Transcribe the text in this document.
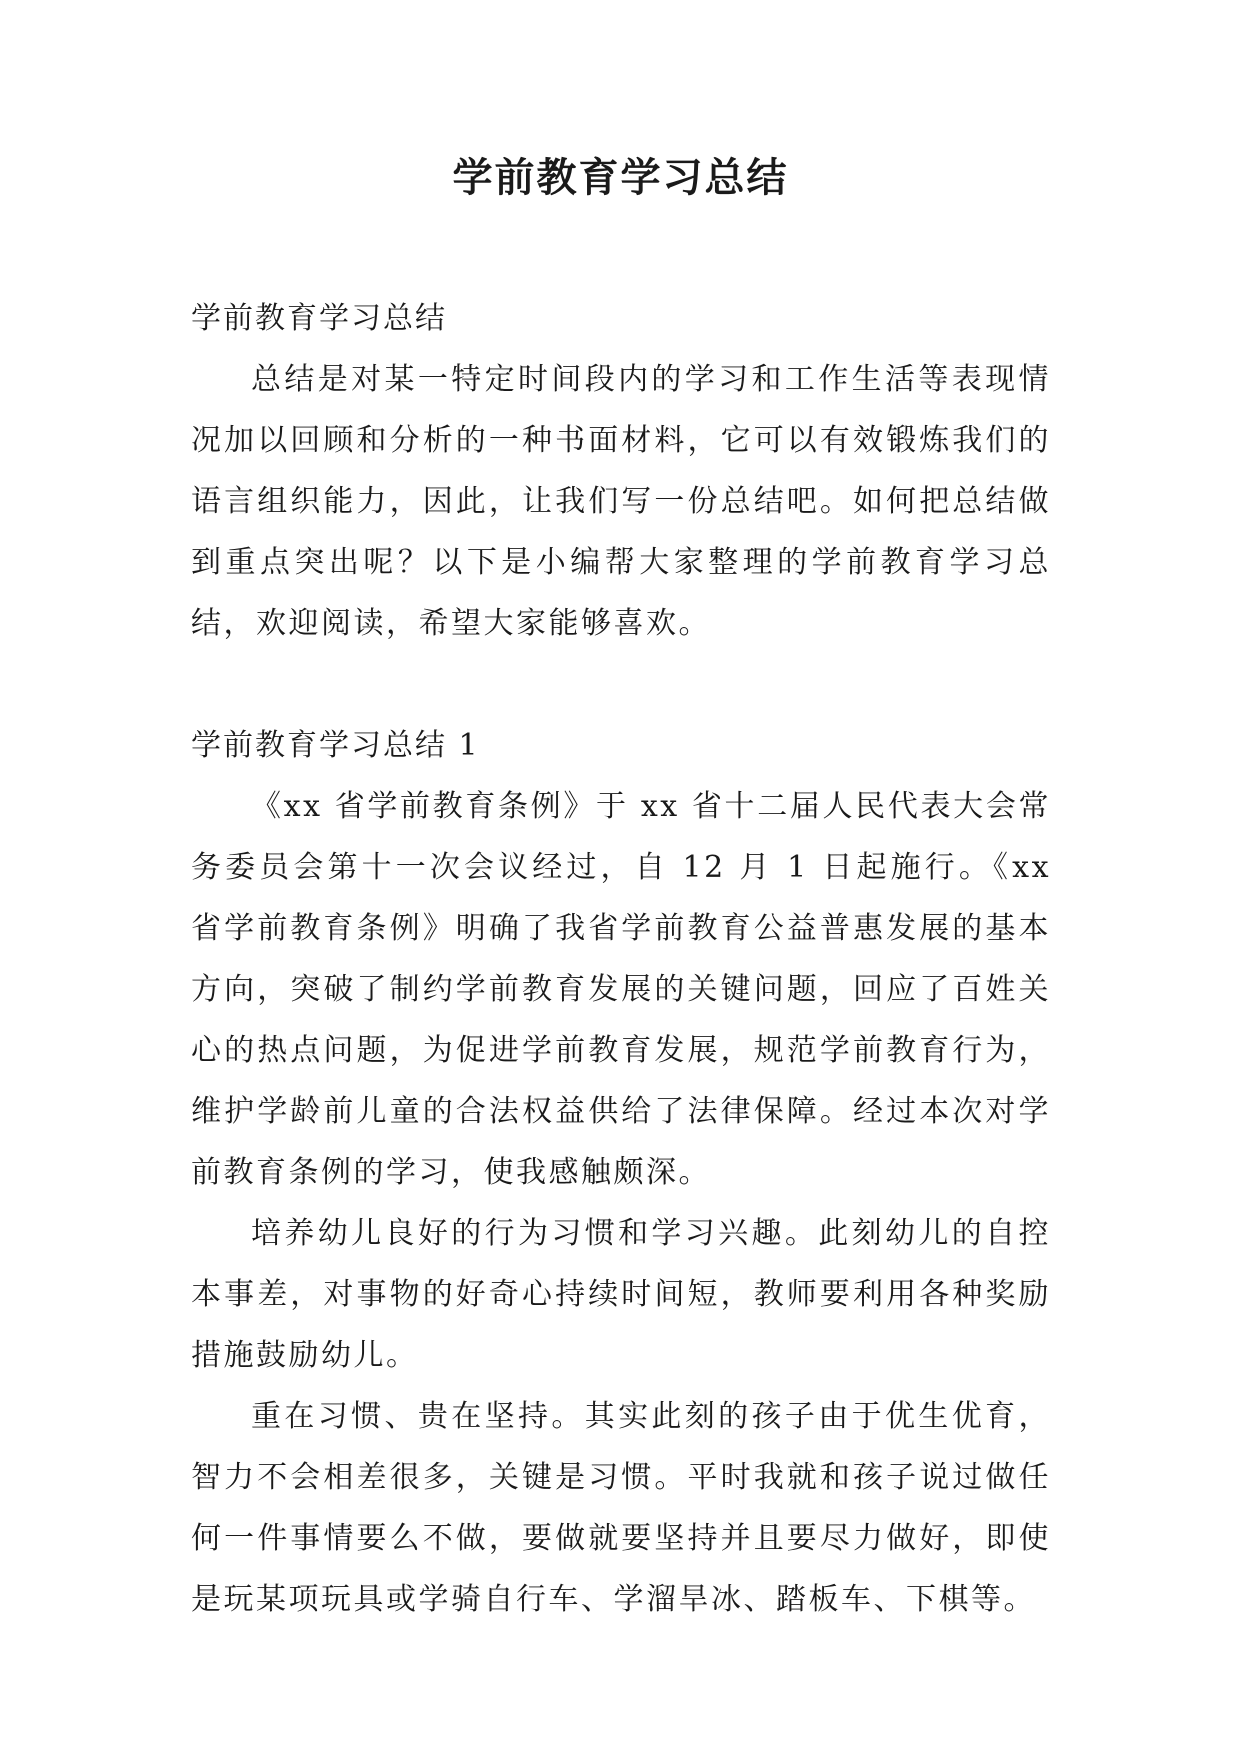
学前教育学习总结

学前教育学习总结

总结是对某一特定时间段内的学习和工作生活等表现情况加以回顾和分析的一种书面材料，它可以有效锻炼我们的语言组织能力，因此，让我们写一份总结吧。如何把总结做到重点突出呢？以下是小编帮大家整理的学前教育学习总结，欢迎阅读，希望大家能够喜欢。

学前教育学习总结 1

《xx 省学前教育条例》于 xx 省十二届人民代表大会常务委员会第十一次会议经过，自 12 月 1 日起施行。《xx 省学前教育条例》明确了我省学前教育公益普惠发展的基本方向，突破了制约学前教育发展的关键问题，回应了百姓关心的热点问题，为促进学前教育发展，规范学前教育行为，维护学龄前儿童的合法权益供给了法律保障。经过本次对学前教育条例的学习，使我感触颇深。

培养幼儿良好的行为习惯和学习兴趣。此刻幼儿的自控本事差，对事物的好奇心持续时间短，教师要利用各种奖励措施鼓励幼儿。

重在习惯、贵在坚持。其实此刻的孩子由于优生优育，智力不会相差很多，关键是习惯。平时我就和孩子说过做任何一件事情要么不做，要做就要坚持并且要尽力做好，即使是玩某项玩具或学骑自行车、学溜旱冰、踏板车、下棋等。
